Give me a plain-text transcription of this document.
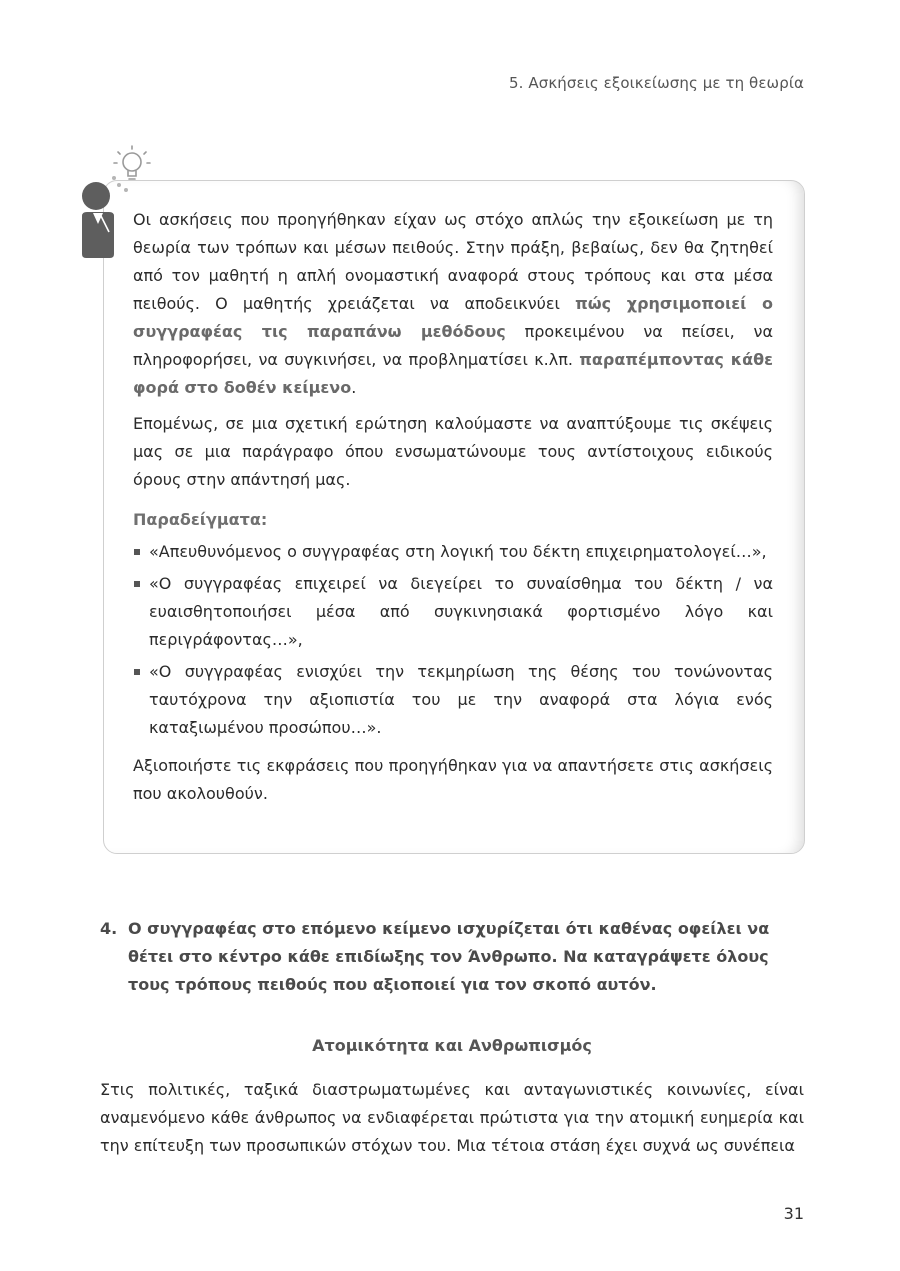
5. Ασκήσεις εξοικείωσης με τη θεωρία

Οι ασκήσεις που προηγήθηκαν είχαν ως στόχο απλώς την εξοικείωση με τη θεωρία των τρόπων και μέσων πειθούς. Στην πράξη, βεβαίως, δεν θα ζητηθεί από τον μαθητή η απλή ονομαστική αναφορά στους τρόπους και στα μέσα πειθούς. Ο μαθητής χρειάζεται να αποδεικνύει πώς χρησιμοποιεί ο συγγραφέας τις παραπάνω μεθόδους προκειμένου να πείσει, να πληροφορήσει, να συγκινήσει, να προβληματίσει κ.λπ. παραπέμποντας κάθε φορά στο δοθέν κείμενο.

Επομένως, σε μια σχετική ερώτηση καλούμαστε να αναπτύξουμε τις σκέψεις μας σε μια παράγραφο όπου ενσωματώνουμε τους αντίστοιχους ειδικούς όρους στην απάντησή μας.

Παραδείγματα:

«Απευθυνόμενος ο συγγραφέας στη λογική του δέκτη επιχειρηματολογεί…»,
«Ο συγγραφέας επιχειρεί να διεγείρει το συναίσθημα του δέκτη / να ευαισθητοποιήσει μέσα από συγκινησιακά φορτισμένο λόγο και περιγράφοντας…»,
«Ο συγγραφέας ενισχύει την τεκμηρίωση της θέσης του τονώνοντας ταυτόχρονα την αξιοπιστία του με την αναφορά στα λόγια ενός καταξιωμένου προσώπου…».

Αξιοποιήστε τις εκφράσεις που προηγήθηκαν για να απαντήσετε στις ασκήσεις που ακολουθούν.

4. Ο συγγραφέας στο επόμενο κείμενο ισχυρίζεται ότι καθένας οφείλει να θέτει στο κέντρο κάθε επιδίωξης τον Άνθρωπο. Να καταγράψετε όλους τους τρόπους πειθούς που αξιοποιεί για τον σκοπό αυτόν.
Ατομικότητα και Ανθρωπισμός

Στις πολιτικές, ταξικά διαστρωματωμένες και ανταγωνιστικές κοινωνίες, είναι αναμενόμενο κάθε άνθρωπος να ενδιαφέρεται πρώτιστα για την ατομική ευημερία και την επίτευξη των προσωπικών στόχων του. Μια τέτοια στάση έχει συχνά ως συνέπεια

31
